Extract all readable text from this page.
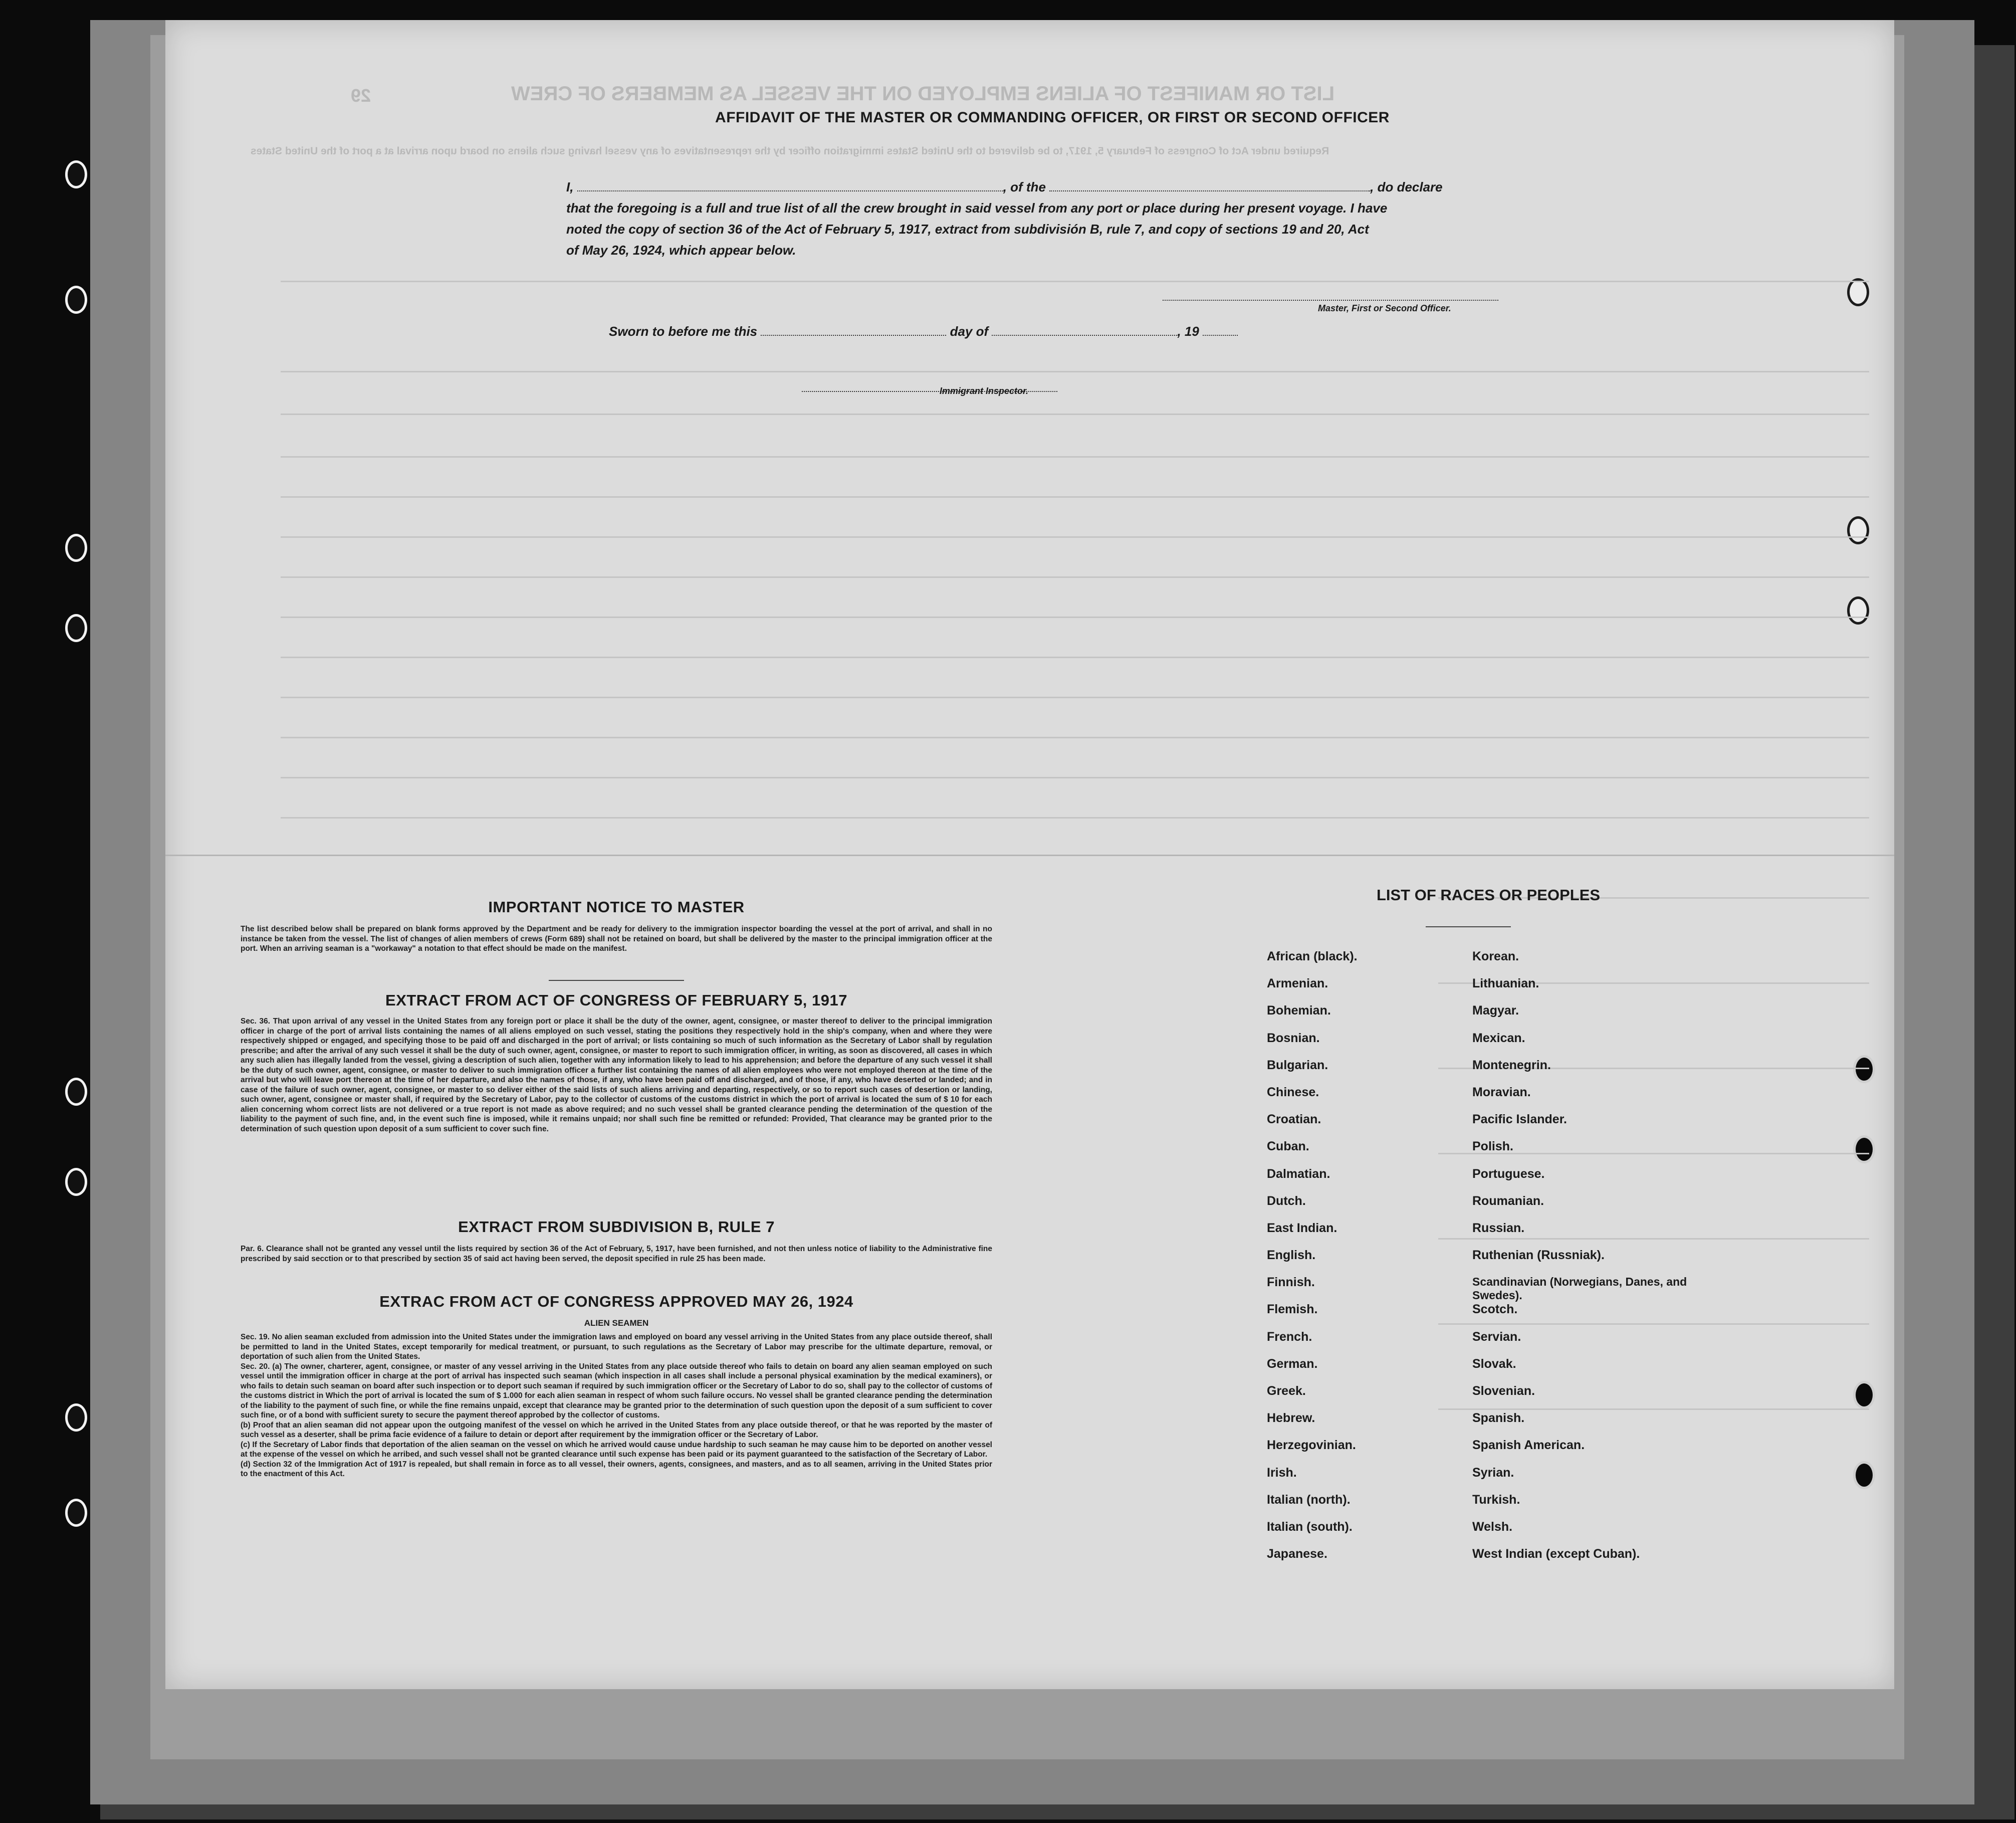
LIST OR MANIFEST OF ALIENS EMPLOYED ON THE VESSEL AS MEMBERS OF CREW
29
Required under Act of Congress of February 5, 1917, to be delivered to the United States immigration officer by the representatives of any vessel having such aliens on board upon arrival at a port of the United States
AFFIDAVIT OF THE MASTER OR COMMANDING OFFICER, OR FIRST OR SECOND OFFICER
I,	, of the	, do declare
that the foregoing is a full and true list of all the crew brought in said vessel from any port or place during her present voyage. I have
noted the copy of section 36 of the Act of February 5, 1917, extract from subdivisión B, rule 7, and copy of sections 19 and 20, Act
of May 26, 1924, which appear below.
Master, First or Second Officer.
Sworn to before me this	day of	, 19
Immigrant Inspector.
IMPORTANT NOTICE TO MASTER
The list described below shall be prepared on blank forms approved by the Department and be ready for delivery to the immigration inspector boarding the vessel at the port of arrival, and shall in no instance be taken from the vessel. The list of changes of alien members of crews (Form 689) shall not be retained on board, but shall be delivered by the master to the principal immigration officer at the port. When an arriving seaman is a "workaway" a notation to that effect should be made on the manifest.
EXTRACT FROM ACT OF CONGRESS OF FEBRUARY 5, 1917
Sec. 36. That upon arrival of any vessel in the United States from any foreign port or place it shall be the duty of the owner, agent, consignee, or master thereof to deliver to the principal immigration officer in charge of the port of arrival lists containing the names of all aliens employed on such vessel, stating the positions they respectively hold in the ship's company, when and where they were respectively shipped or engaged, and specifying those to be paid off and discharged in the port of arrival; or lists containing so much of such information as the Secretary of Labor shall by regulation prescribe; and after the arrival of any such vessel it shall be the duty of such owner, agent, consignee, or master to report to such immigration officer, in writing, as soon as discovered, all cases in which any such alien has illegally landed from the vessel, giving a description of such alien, together with any information likely to lead to his apprehension; and before the departure of any such vessel it shall be the duty of such owner, agent, consignee, or master to deliver to such immigration officer a further list containing the names of all alien employees who were not employed thereon at the time of the arrival but who will leave port thereon at the time of her departure, and also the names of those, if any, who have been paid off and discharged, and of those, if any, who have deserted or landed; and in case of the failure of such owner, agent, consignee, or master to so deliver either of the said lists of such aliens arriving and departing, respectively, or so to report such cases of desertion or landing, such owner, agent, consignee or master shall, if required by the Secretary of Labor, pay to the collector of customs of the customs district in which the port of arrival is located the sum of $ 10 for each alien concerning whom correct lists are not delivered or a true report is not made as above required; and no such vessel shall be granted clearance pending the determination of the question of the liability to the payment of such fine, and, in the event such fine is imposed, while it remains unpaid; nor shall such fine be remitted or refunded: Provided, That clearance may be granted prior to the determination of such question upon deposit of a sum sufficient to cover such fine.
EXTRACT FROM SUBDIVISION B, RULE 7
Par. 6. Clearance shall not be granted any vessel until the lists required by section 36 of the Act of February, 5, 1917, have been furnished, and not then unless notice of liability to the Administrative fine prescribed by said secction or to that prescribed by section 35 of said act having been served, the deposit specified in rule 25 has been made.
EXTRAC FROM ACT OF CONGRESS APPROVED MAY 26, 1924
ALIEN SEAMEN
Sec. 19. No alien seaman excluded from admission into the United States under the immigration laws and employed on board any vessel arriving in the United States from any place outside thereof, shall be permitted to land in the United States, except temporarily for medical treatment, or pursuant, to such regulations as the Secretary of Labor may prescribe for the ultimate departure, removal, or deportation of such alien from the United States.
Sec. 20. (a) The owner, charterer, agent, consignee, or master of any vessel arriving in the United States from any place outside thereof who fails to detain on board any alien seaman employed on such vessel until the immigration officer in charge at the port of arrival has inspected such seaman (which inspection in all cases shall include a personal physical examination by the medical examiners), or who fails to detain such seaman on board after such inspection or to deport such seaman if required by such immigration officer or the Secretary of Labor to do so, shall pay to the collector of customs of the customs district in Which the port of arrival is located the sum of $ 1.000 for each alien seaman in respect of whom such failure occurs. No vessel shall be granted clearance pending the determination of the liability to the payment of such fine, or while the fine remains unpaid, except that clearance may be granted prior to the determination of such question upon the deposit of a sum sufficient to cover such fine, or of a bond with sufficient surety to secure the payment thereof approbed by the collector of customs.
(b) Proof that an alien seaman did not appear upon the outgoing manifest of the vessel on which he arrived in the United States from any place outside thereof, or that he was reported by the master of such vessel as a deserter, shall be prima facie evidence of a failure to detain or deport after requirement by the immigration officer or the Secretary of Labor.
(c) If the Secretary of Labor finds that deportation of the alien seaman on the vessel on which he arrived would cause undue hardship to such seaman he may cause him to be deported on another vessel at the expense of the vessel on which he arribed, and such vessel shall not be granted clearance until such expense has been paid or its payment guaranteed to the satisfaction of the Secretary of Labor.
(d) Section 32 of the Immigration Act of 1917 is repealed, but shall remain in force as to all vessel, their owners, agents, consignees, and masters, and as to all seamen, arriving in the United States prior to the enactment of this Act.
LIST OF RACES OR PEOPLES
African (black).
Armenian.
Bohemian.
Bosnian.
Bulgarian.
Chinese.
Croatian.
Cuban.
Dalmatian.
Dutch.
East Indian.
English.
Finnish.
Flemish.
French.
German.
Greek.
Hebrew.
Herzegovinian.
Irish.
Italian (north).
Italian (south).
Japanese.
Korean.
Lithuanian.
Magyar.
Mexican.
Montenegrin.
Moravian.
Pacific Islander.
Polish.
Portuguese.
Roumanian.
Russian.
Ruthenian (Russniak).
Scandinavian (Norwegians, Danes, and Swedes).
Scotch.
Servian.
Slovak.
Slovenian.
Spanish.
Spanish American.
Syrian.
Turkish.
Welsh.
West Indian (except Cuban).
